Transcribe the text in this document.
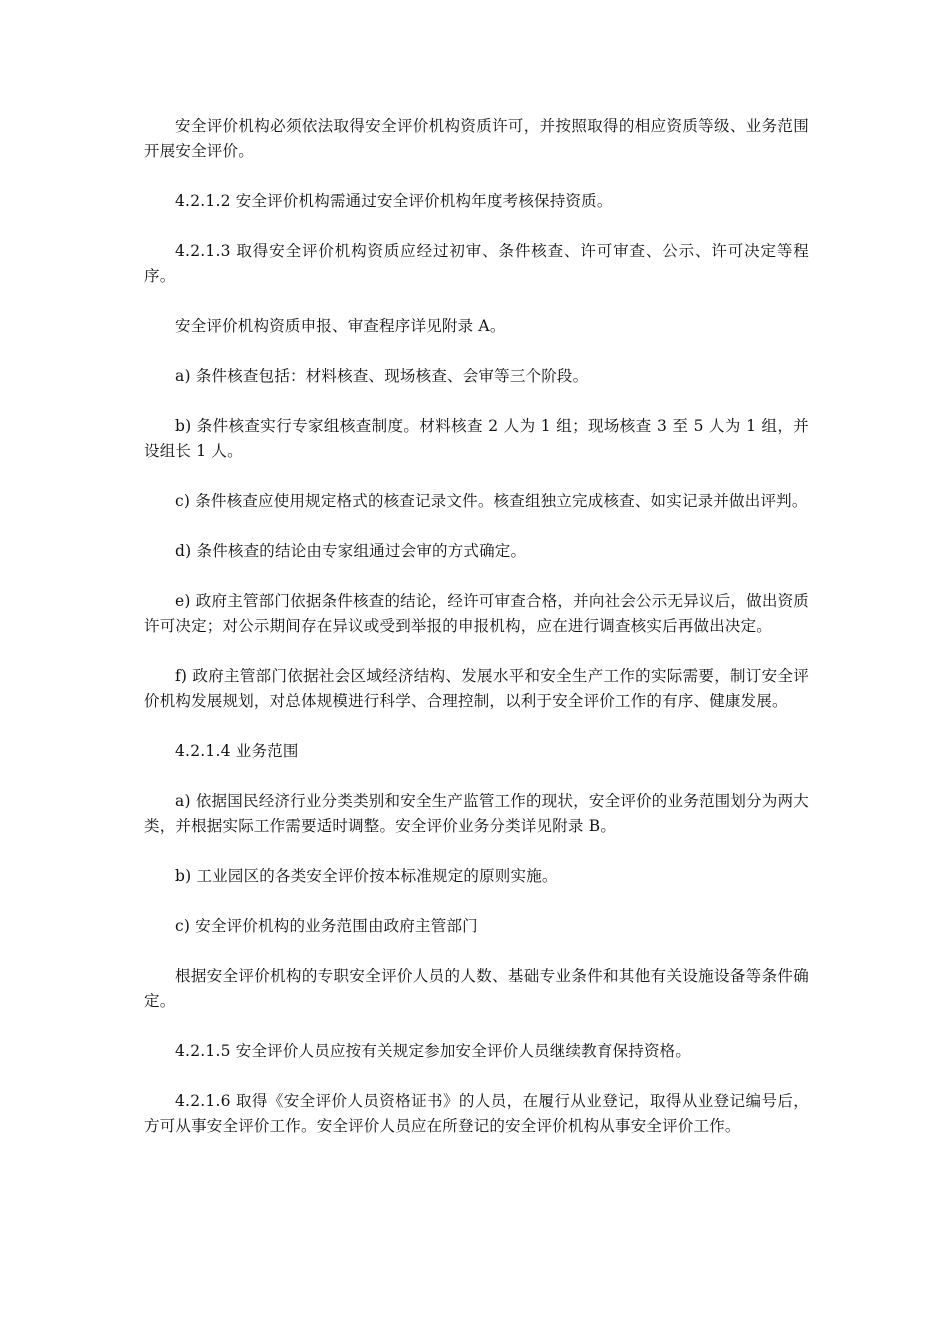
安全评价机构必须依法取得安全评价机构资质许可，并按照取得的相应资质等级、业务范围开展安全评价。

4.2.1.2 安全评价机构需通过安全评价机构年度考核保持资质。

4.2.1.3 取得安全评价机构资质应经过初审、条件核查、许可审查、公示、许可决定等程序。

安全评价机构资质申报、审查程序详见附录 A。

a) 条件核查包括：材料核查、现场核查、会审等三个阶段。

b) 条件核查实行专家组核查制度。材料核查 2 人为 1 组；现场核查 3 至 5 人为 1 组，并设组长 1 人。

c) 条件核查应使用规定格式的核查记录文件。核查组独立完成核查、如实记录并做出评判。

d) 条件核查的结论由专家组通过会审的方式确定。

e) 政府主管部门依据条件核查的结论，经许可审查合格，并向社会公示无异议后，做出资质许可决定；对公示期间存在异议或受到举报的申报机构，应在进行调查核实后再做出决定。

f) 政府主管部门依据社会区域经济结构、发展水平和安全生产工作的实际需要，制订安全评价机构发展规划，对总体规模进行科学、合理控制，以利于安全评价工作的有序、健康发展。

4.2.1.4 业务范围

a) 依据国民经济行业分类类别和安全生产监管工作的现状，安全评价的业务范围划分为两大类，并根据实际工作需要适时调整。安全评价业务分类详见附录 B。

b) 工业园区的各类安全评价按本标准规定的原则实施。

c) 安全评价机构的业务范围由政府主管部门

根据安全评价机构的专职安全评价人员的人数、基础专业条件和其他有关设施设备等条件确定。

4.2.1.5 安全评价人员应按有关规定参加安全评价人员继续教育保持资格。

4.2.1.6 取得《安全评价人员资格证书》的人员，在履行从业登记，取得从业登记编号后，方可从事安全评价工作。安全评价人员应在所登记的安全评价机构从事安全评价工作。
